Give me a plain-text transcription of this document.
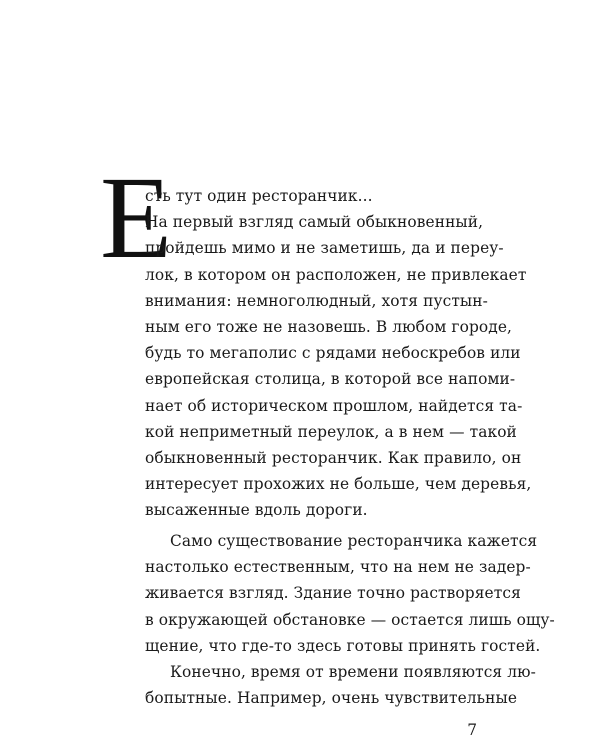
Е
сть тут один ресторанчик...
На первый взгляд самый обыкновенный,
пройдешь мимо и не заметишь, да и переу-
лок, в котором он расположен, не привлекает
внимания: немноголюдный, хотя пустын-
ным его тоже не назовешь. В любом городе,
будь то мегаполис с рядами небоскребов или
европейская столица, в которой все напоми-
нает об историческом прошлом, найдется та-
кой неприметный переулок, а в нем — такой
обыкновенный ресторанчик. Как правило, он
интересует прохожих не больше, чем деревья,
высаженные вдоль дороги.
Само существование ресторанчика кажется
настолько естественным, что на нем не задер-
живается взгляд. Здание точно растворяется
в окружающей обстановке — остается лишь ощу-
щение, что где-то здесь готовы принять гостей.
7
Конечно, время от времени появляются лю-
бопытные. Например, очень чувствительные
